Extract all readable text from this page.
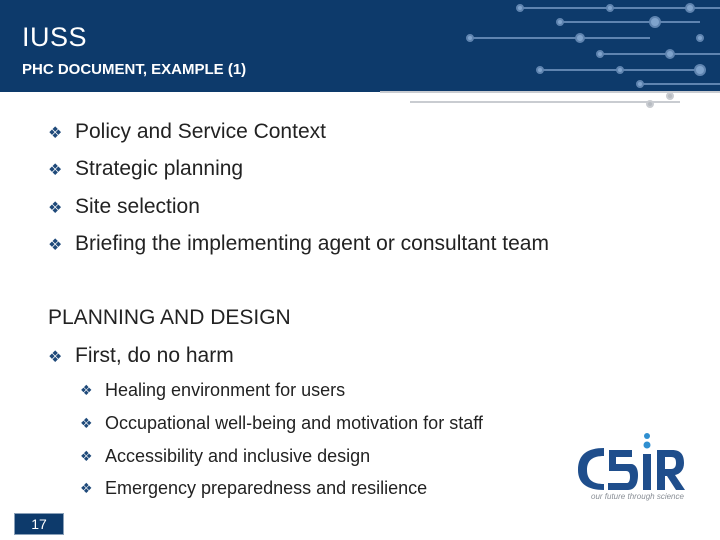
IUSS
PHC DOCUMENT, EXAMPLE (1)
❖ Policy and Service Context
❖ Strategic planning
❖ Site selection
❖ Briefing the implementing agent or consultant team
PLANNING AND DESIGN
❖ First, do no harm
❖ Healing environment for users
❖ Occupational well-being and motivation for staff
❖ Accessibility and inclusive design
❖ Emergency preparedness and resilience	our future through science
17
